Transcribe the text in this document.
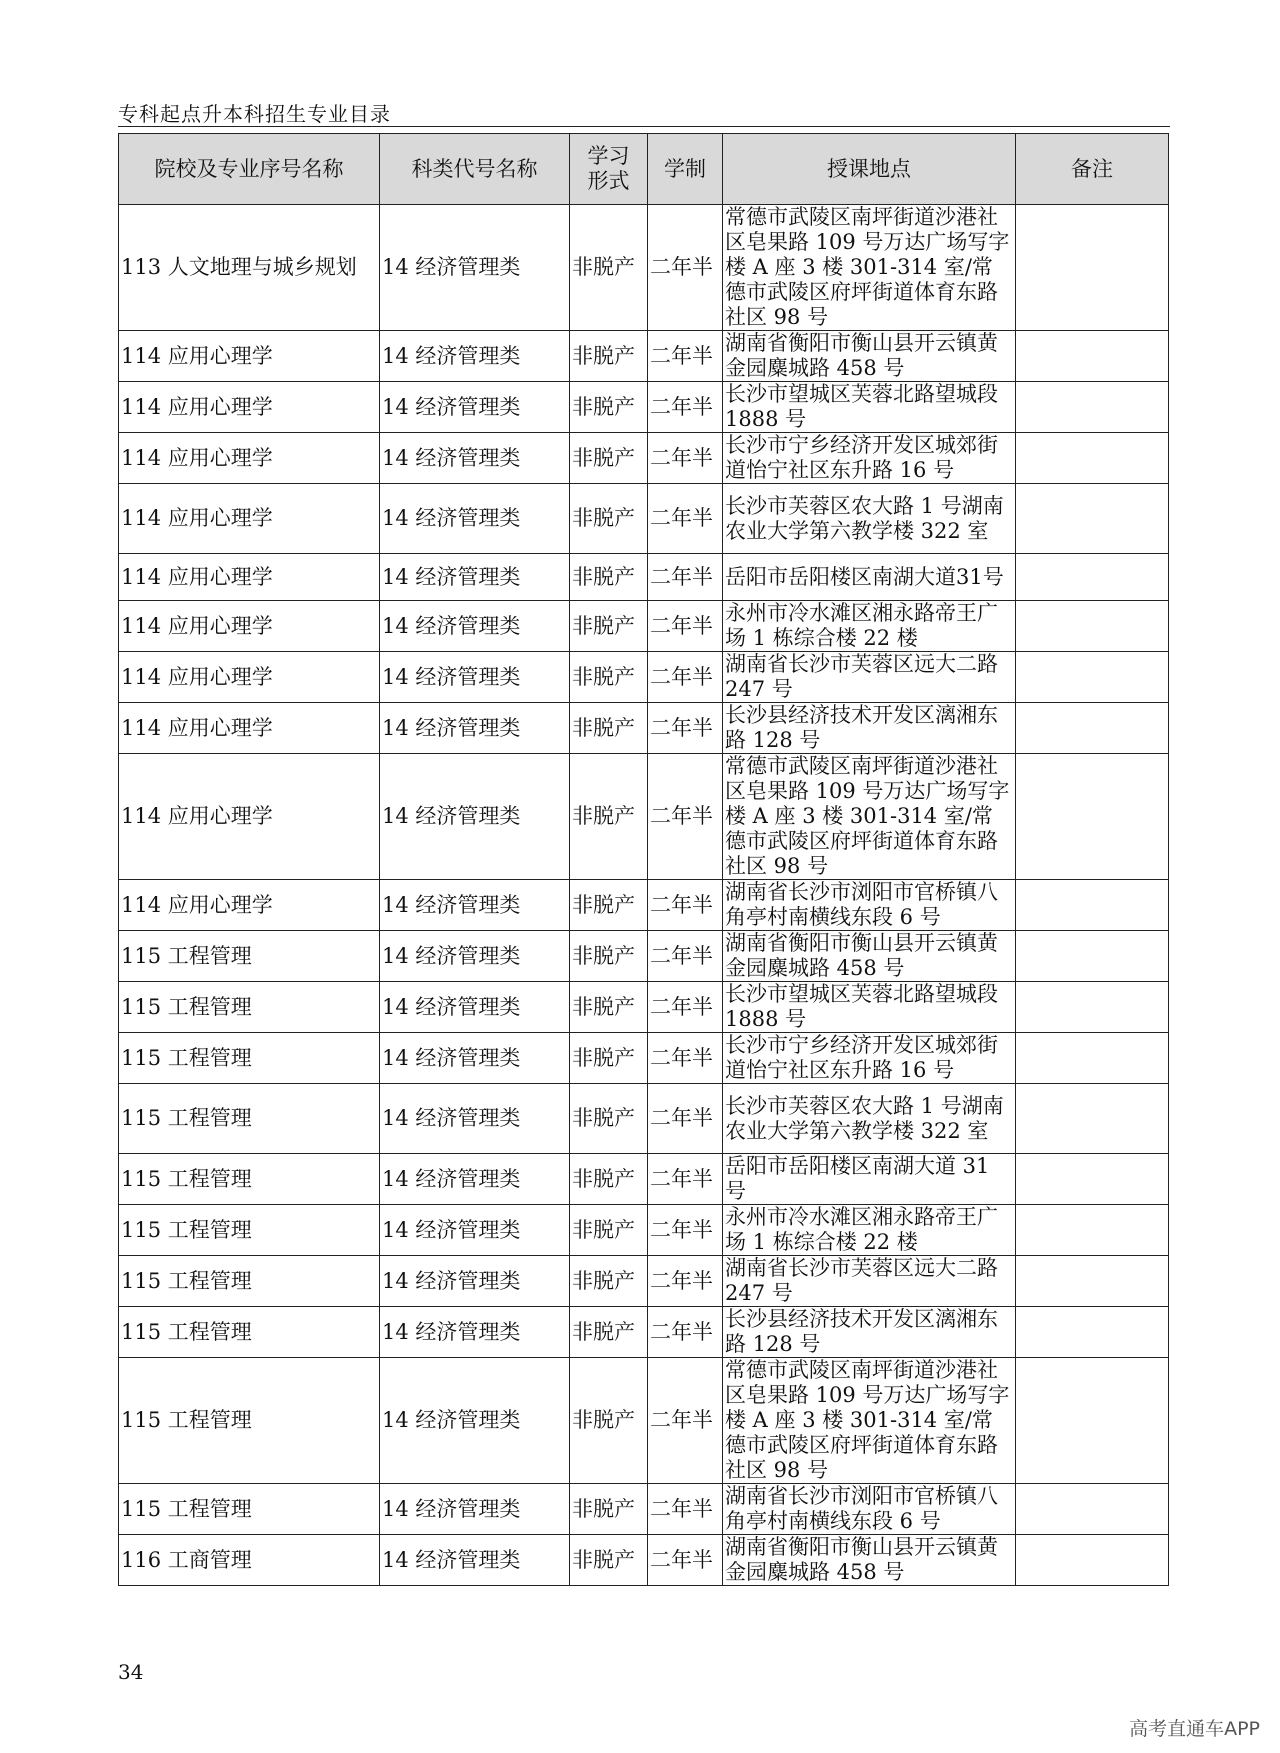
专科起点升本科招生专业目录
院校及专业序号名称	科类代号名称	学习形式	学制	授课地点	备注
113 人文地理与城乡规划	14 经济管理类	非脱产	二年半	常德市武陵区南坪街道沙港社区皂果路 109 号万达广场写字楼 A 座 3 楼 301-314 室/常德市武陵区府坪街道体育东路社区 98 号	
114 应用心理学	14 经济管理类	非脱产	二年半	湖南省衡阳市衡山县开云镇黄金园麋城路 458 号	
114 应用心理学	14 经济管理类	非脱产	二年半	长沙市望城区芙蓉北路望城段 1888 号	
114 应用心理学	14 经济管理类	非脱产	二年半	长沙市宁乡经济开发区城郊街道怡宁社区东升路 16 号	
114 应用心理学	14 经济管理类	非脱产	二年半	长沙市芙蓉区农大路 1 号湖南农业大学第六教学楼 322 室	
114 应用心理学	14 经济管理类	非脱产	二年半	岳阳市岳阳楼区南湖大道31号	
114 应用心理学	14 经济管理类	非脱产	二年半	永州市冷水滩区湘永路帝王广场 1 栋综合楼 22 楼	
114 应用心理学	14 经济管理类	非脱产	二年半	湖南省长沙市芙蓉区远大二路 247 号	
114 应用心理学	14 经济管理类	非脱产	二年半	长沙县经济技术开发区漓湘东路 128 号	
114 应用心理学	14 经济管理类	非脱产	二年半	常德市武陵区南坪街道沙港社区皂果路 109 号万达广场写字楼 A 座 3 楼 301-314 室/常德市武陵区府坪街道体育东路社区 98 号	
114 应用心理学	14 经济管理类	非脱产	二年半	湖南省长沙市浏阳市官桥镇八角亭村南横线东段 6 号	
115 工程管理	14 经济管理类	非脱产	二年半	湖南省衡阳市衡山县开云镇黄金园麋城路 458 号	
115 工程管理	14 经济管理类	非脱产	二年半	长沙市望城区芙蓉北路望城段 1888 号	
115 工程管理	14 经济管理类	非脱产	二年半	长沙市宁乡经济开发区城郊街道怡宁社区东升路 16 号	
115 工程管理	14 经济管理类	非脱产	二年半	长沙市芙蓉区农大路 1 号湖南农业大学第六教学楼 322 室	
115 工程管理	14 经济管理类	非脱产	二年半	岳阳市岳阳楼区南湖大道 31 号	
115 工程管理	14 经济管理类	非脱产	二年半	永州市冷水滩区湘永路帝王广场 1 栋综合楼 22 楼	
115 工程管理	14 经济管理类	非脱产	二年半	湖南省长沙市芙蓉区远大二路 247 号	
115 工程管理	14 经济管理类	非脱产	二年半	长沙县经济技术开发区漓湘东路 128 号	
115 工程管理	14 经济管理类	非脱产	二年半	常德市武陵区南坪街道沙港社区皂果路 109 号万达广场写字楼 A 座 3 楼 301-314 室/常德市武陵区府坪街道体育东路社区 98 号	
115 工程管理	14 经济管理类	非脱产	二年半	湖南省长沙市浏阳市官桥镇八角亭村南横线东段 6 号	
116 工商管理	14 经济管理类	非脱产	二年半	湖南省衡阳市衡山县开云镇黄金园麋城路 458 号	
34
高考直通车APP
